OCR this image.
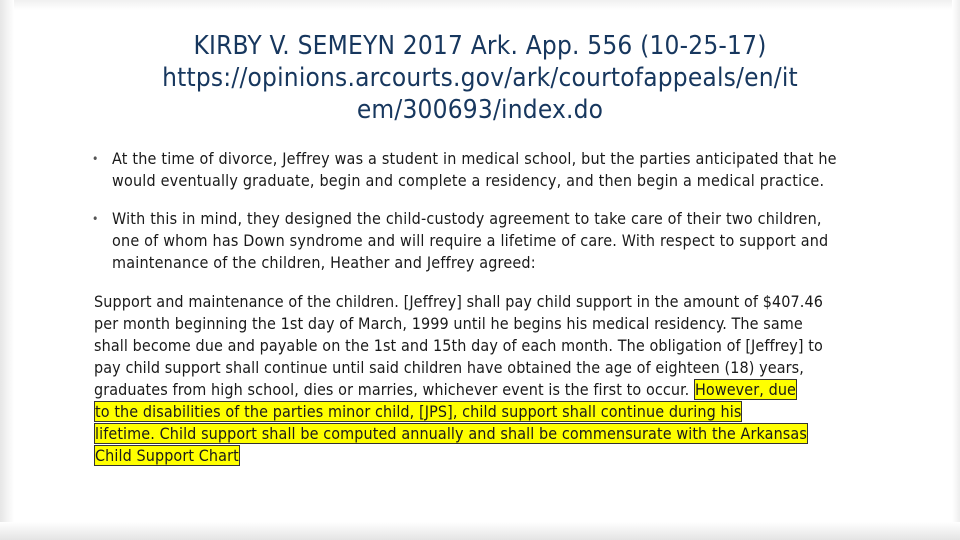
KIRBY V. SEMEYN 2017 Ark. App. 556 (10-25-17)
https://opinions.arcourts.gov/ark/courtofappeals/en/it
em/300693/index.do
• At the time of divorce, Jeffrey was a student in medical school, but the parties anticipated that he
would eventually graduate, begin and complete a residency, and then begin a medical practice.
• With this in mind, they designed the child-custody agreement to take care of their two children,
one of whom has Down syndrome and will require a lifetime of care. With respect to support and
maintenance of the children, Heather and Jeffrey agreed:
Support and maintenance of the children. [Jeffrey] shall pay child support in the amount of $407.46
per month beginning the 1st day of March, 1999 until he begins his medical residency. The same
shall become due and payable on the 1st and 15th day of each month. The obligation of [Jeffrey] to
pay child support shall continue until said children have obtained the age of eighteen (18) years,
graduates from high school, dies or marries, whichever event is the first to occur. However, due
to the disabilities of the parties minor child, [JPS], child support shall continue during his
lifetime. Child support shall be computed annually and shall be commensurate with the Arkansas
Child Support Chart
